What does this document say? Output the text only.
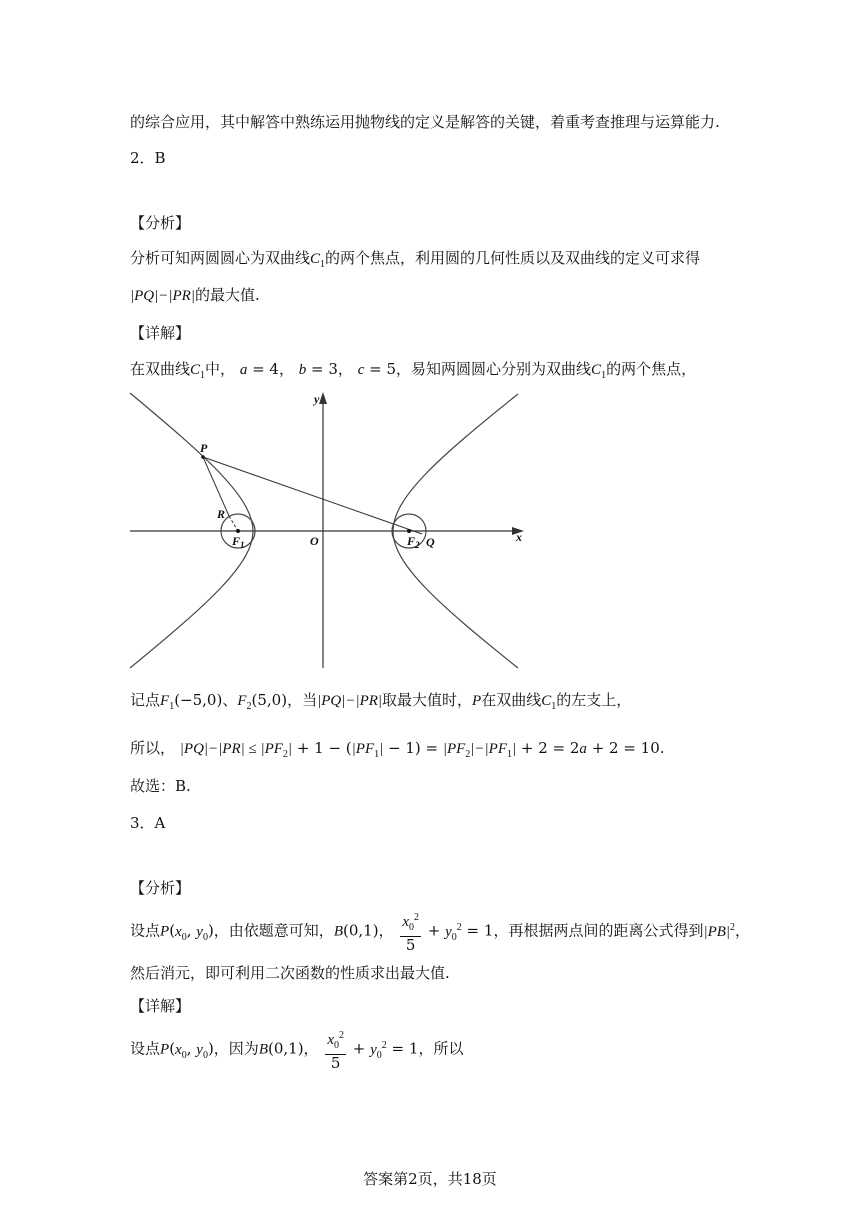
的综合应用，其中解答中熟练运用抛物线的定义是解答的关键，着重考查推理与运算能力.
2．B
【分析】
分析可知两圆圆心为双曲线$C_1$的两个焦点，利用圆的几何性质以及双曲线的定义可求得
|PQ|−|PR|的最大值.
【详解】
在双曲线$C_1$中， a = 4， b = 3， c = 5，易知两圆圆心分别为双曲线$C_1$的两个焦点，
y
x
O
P
R
$F_1$	$F_2$ Q
记点$F_1(-5,0)$、$F_2(5,0)$，当|PQ|−|PR|取最大值时，P在双曲线$C_1$的左支上，
所以， $|PQ|-|PR| \le |PF_2| + 1 - (|PF_1| - 1) = |PF_2|-|PF_1| + 2 = 2a + 2 = 10$.
故选：B.
3．A
【分析】
设点$P(x_0$, $y_0$)，由依题意可知，B(0,1)， $\frac{x_0^2}{5} + y_0^2 = 1$，再根据两点间的距离公式得到$|PB|^2$，
然后消元，即可利用二次函数的性质求出最大值.
【详解】
设点$P(x_0$, $y_0$)，因为B(0,1)， $\frac{x_0^2}{5} + y_0^2 = 1$，所以
答案第2页，共18页
